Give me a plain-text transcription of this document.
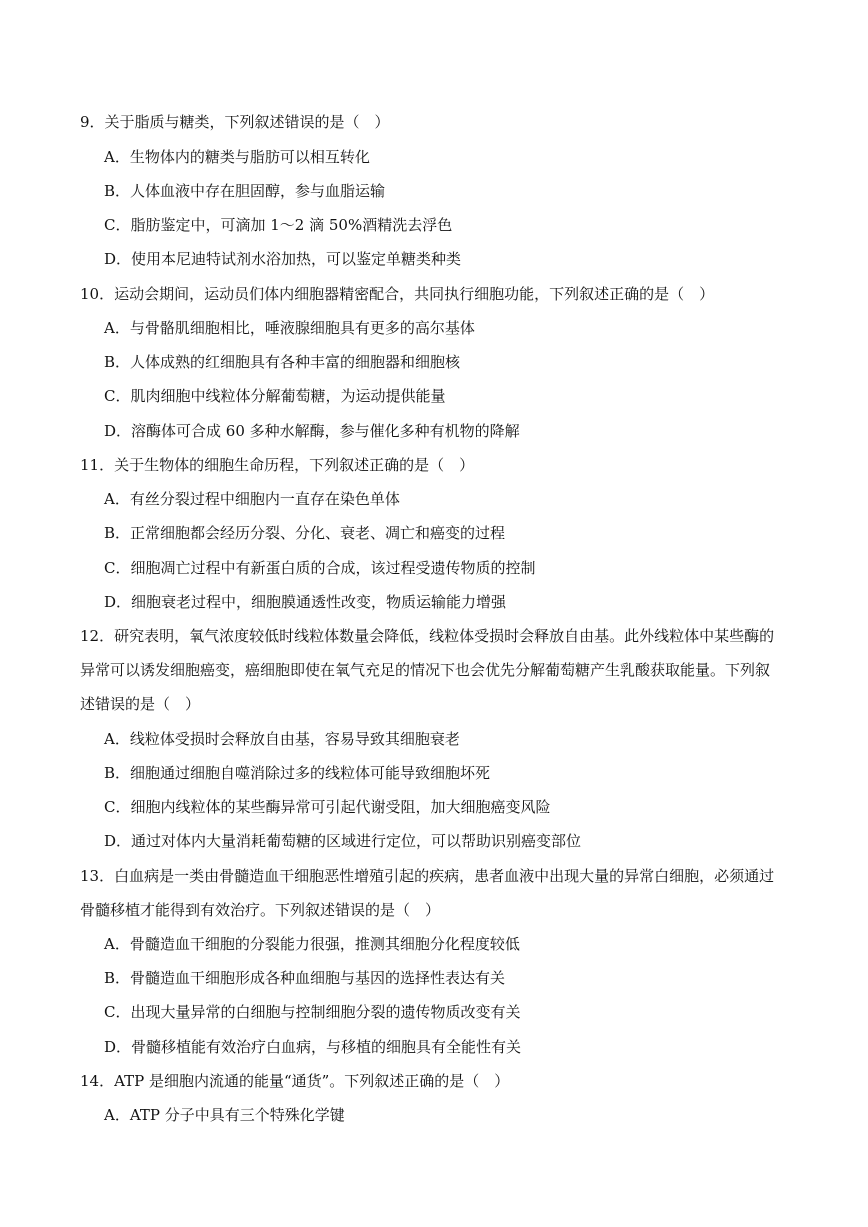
9．关于脂质与糖类，下列叙述错误的是（　）
A．生物体内的糖类与脂肪可以相互转化
B．人体血液中存在胆固醇，参与血脂运输
C．脂肪鉴定中，可滴加 1～2 滴 50%酒精洗去浮色
D．使用本尼迪特试剂水浴加热，可以鉴定单糖类种类
10．运动会期间，运动员们体内细胞器精密配合，共同执行细胞功能，下列叙述正确的是（　）
A．与骨骼肌细胞相比，唾液腺细胞具有更多的高尔基体
B．人体成熟的红细胞具有各种丰富的细胞器和细胞核
C．肌肉细胞中线粒体分解葡萄糖，为运动提供能量
D．溶酶体可合成 60 多种水解酶，参与催化多种有机物的降解
11．关于生物体的细胞生命历程，下列叙述正确的是（　）
A．有丝分裂过程中细胞内一直存在染色单体
B．正常细胞都会经历分裂、分化、衰老、凋亡和癌变的过程
C．细胞凋亡过程中有新蛋白质的合成，该过程受遗传物质的控制
D．细胞衰老过程中，细胞膜通透性改变，物质运输能力增强
12．研究表明，氧气浓度较低时线粒体数量会降低，线粒体受损时会释放自由基。此外线粒体中某些酶的
异常可以诱发细胞癌变，癌细胞即使在氧气充足的情况下也会优先分解葡萄糖产生乳酸获取能量。下列叙
述错误的是（　）
A．线粒体受损时会释放自由基，容易导致其细胞衰老
B．细胞通过细胞自噬消除过多的线粒体可能导致细胞坏死
C．细胞内线粒体的某些酶异常可引起代谢受阻，加大细胞癌变风险
D．通过对体内大量消耗葡萄糖的区域进行定位，可以帮助识别癌变部位
13．白血病是一类由骨髓造血干细胞恶性增殖引起的疾病，患者血液中出现大量的异常白细胞，必须通过
骨髓移植才能得到有效治疗。下列叙述错误的是（　）
A．骨髓造血干细胞的分裂能力很强，推测其细胞分化程度较低
B．骨髓造血干细胞形成各种血细胞与基因的选择性表达有关
C．出现大量异常的白细胞与控制细胞分裂的遗传物质改变有关
D．骨髓移植能有效治疗白血病，与移植的细胞具有全能性有关
14．ATP 是细胞内流通的能量“通货”。下列叙述正确的是（　）
A．ATP 分子中具有三个特殊化学键
